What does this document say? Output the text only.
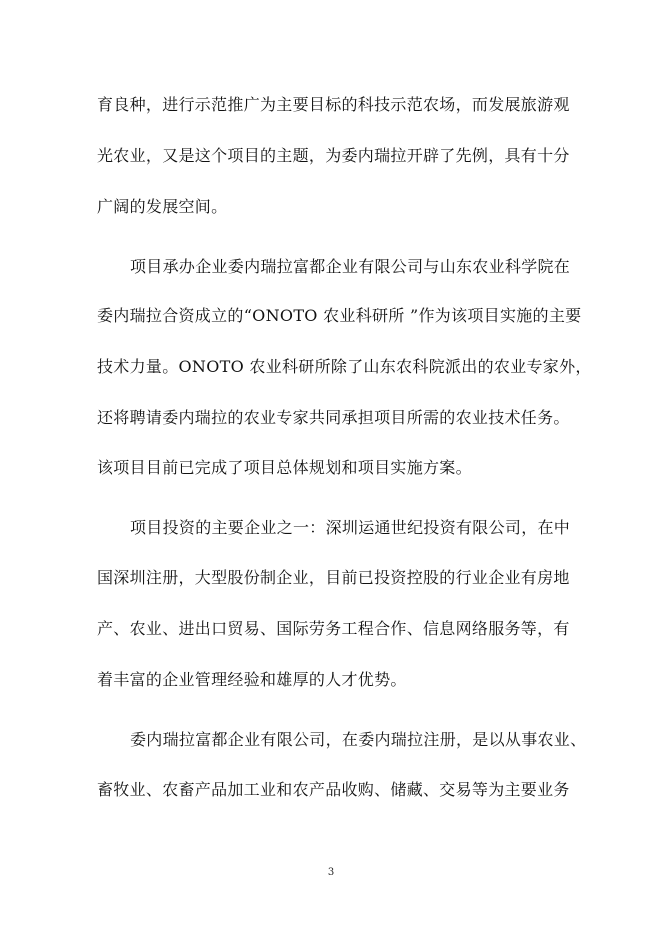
育良种，进行示范推广为主要目标的科技示范农场，而发展旅游观
光农业，又是这个项目的主题，为委内瑞拉开辟了先例，具有十分
广阔的发展空间。
项目承办企业委内瑞拉富都企业有限公司与山东农业科学院在
委内瑞拉合资成立的“ONOTO 农业科研所 ”作为该项目实施的主要
技术力量。ONOTO 农业科研所除了山东农科院派出的农业专家外，
还将聘请委内瑞拉的农业专家共同承担项目所需的农业技术任务。
该项目目前已完成了项目总体规划和项目实施方案。
项目投资的主要企业之一：深圳运通世纪投资有限公司，在中
国深圳注册，大型股份制企业，目前已投资控股的行业企业有房地
产、农业、进出口贸易、国际劳务工程合作、信息网络服务等，有
着丰富的企业管理经验和雄厚的人才优势。
委内瑞拉富都企业有限公司，在委内瑞拉注册，是以从事农业、
畜牧业、农畜产品加工业和农产品收购、储藏、交易等为主要业务
3
